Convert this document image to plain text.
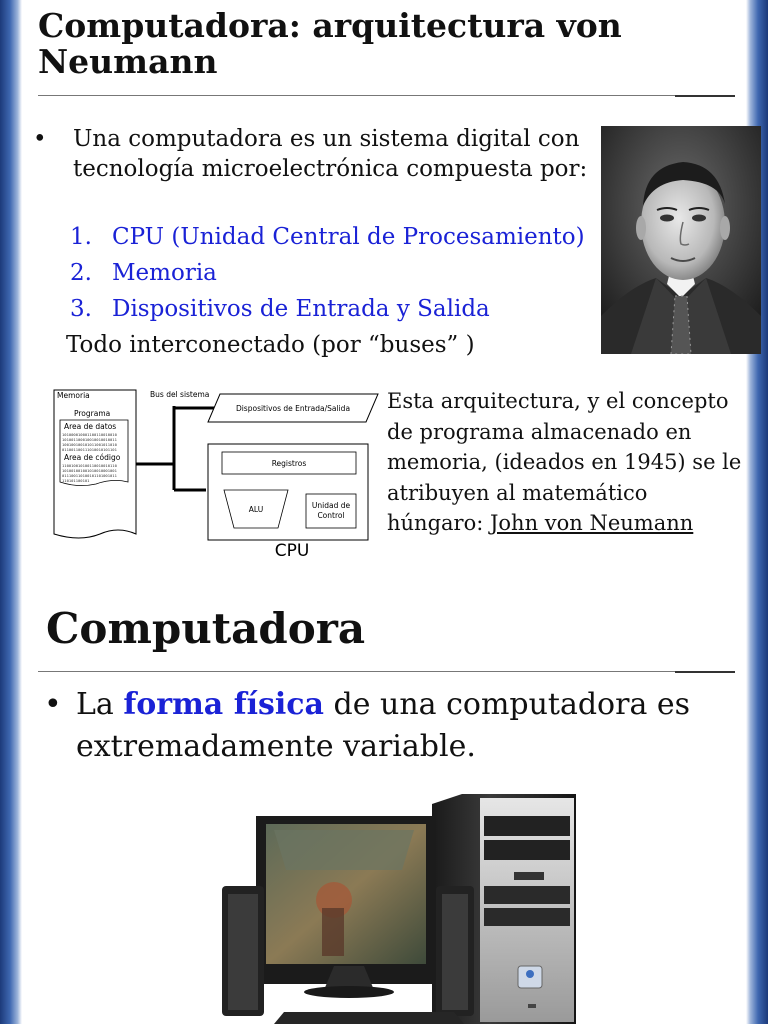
Computadora: arquitectura von Neumann
• Una computadora es un sistema digital con tecnología microelectrónica compuesta por:
1. CPU (Unidad Central de Procesamiento)
2. Memoria
3. Dispositivos de Entrada y Salida
Todo interconectado (por “buses” )
Memoria
Programa
Area de datos
101000010001100110010010
101001100010010010010011
100100100101011001011010
011001100111010010101101
Area de código
110010010100110010010110
101001001001010010001001
011100110100101101001011
110101100101
Bus del sistema
Dispositivos de Entrada/Salida
Registros
ALU	Unidad de
Control
CPU
Esta arquitectura, y el concepto de programa almacenado en memoria, (ideados en 1945) se le atribuyen al matemático húngaro: John von Neumann
Computadora
• La forma física de una computadora es extremadamente variable.
